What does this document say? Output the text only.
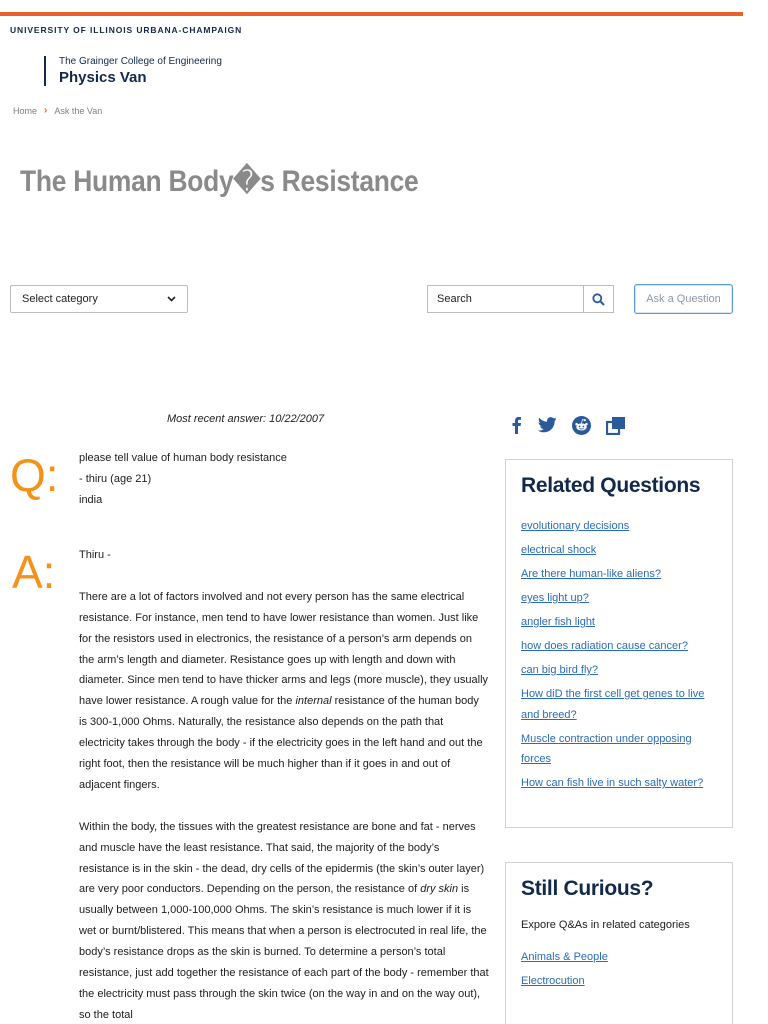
UNIVERSITY OF ILLINOIS URBANA-CHAMPAIGN
The Grainger College of Engineering
Physics Van
Home › Ask the Van
The Human Body�s Resistance
Select category	Search	Ask a Question
Most recent answer: 10/22/2007
Q: please tell value of human body resistance
- thiru (age 21)
india
A: Thiru -

There are a lot of factors involved and not every person has the same electrical resistance. For instance, men tend to have lower resistance than women. Just like for the resistors used in electronics, the resistance of a person’s arm depends on the arm’s length and diameter. Resistance goes up with length and down with diameter. Since men tend to have thicker arms and legs (more muscle), they usually have lower resistance. A rough value for the internal resistance of the human body is 300-1,000 Ohms. Naturally, the resistance also depends on the path that electricity takes through the body - if the electricity goes in the left hand and out the right foot, then the resistance will be much higher than if it goes in and out of adjacent fingers.

Within the body, the tissues with the greatest resistance are bone and fat - nerves and muscle have the least resistance. That said, the majority of the body’s resistance is in the skin - the dead, dry cells of the epidermis (the skin’s outer layer) are very poor conductors. Depending on the person, the resistance of dry skin is usually between 1,000-100,000 Ohms. The skin’s resistance is much lower if it is wet or burnt/blistered. This means that when a person is electrocuted in real life, the body’s resistance drops as the skin is burned. To determine a person’s total resistance, just add together the resistance of each part of the body - remember that the electricity must pass through the skin twice (on the way in and on the way out), so the total

Related Questions
evolutionary decisions
electrical shock
Are there human-like aliens?
eyes light up?
angler fish light
how does radiation cause cancer?
can big bird fly?
How diD the first cell get genes to live and breed?
Muscle contraction under opposing forces
How can fish live in such salty water?
Still Curious?
Expore Q&As in related categories
Animals & People
Electrocution
